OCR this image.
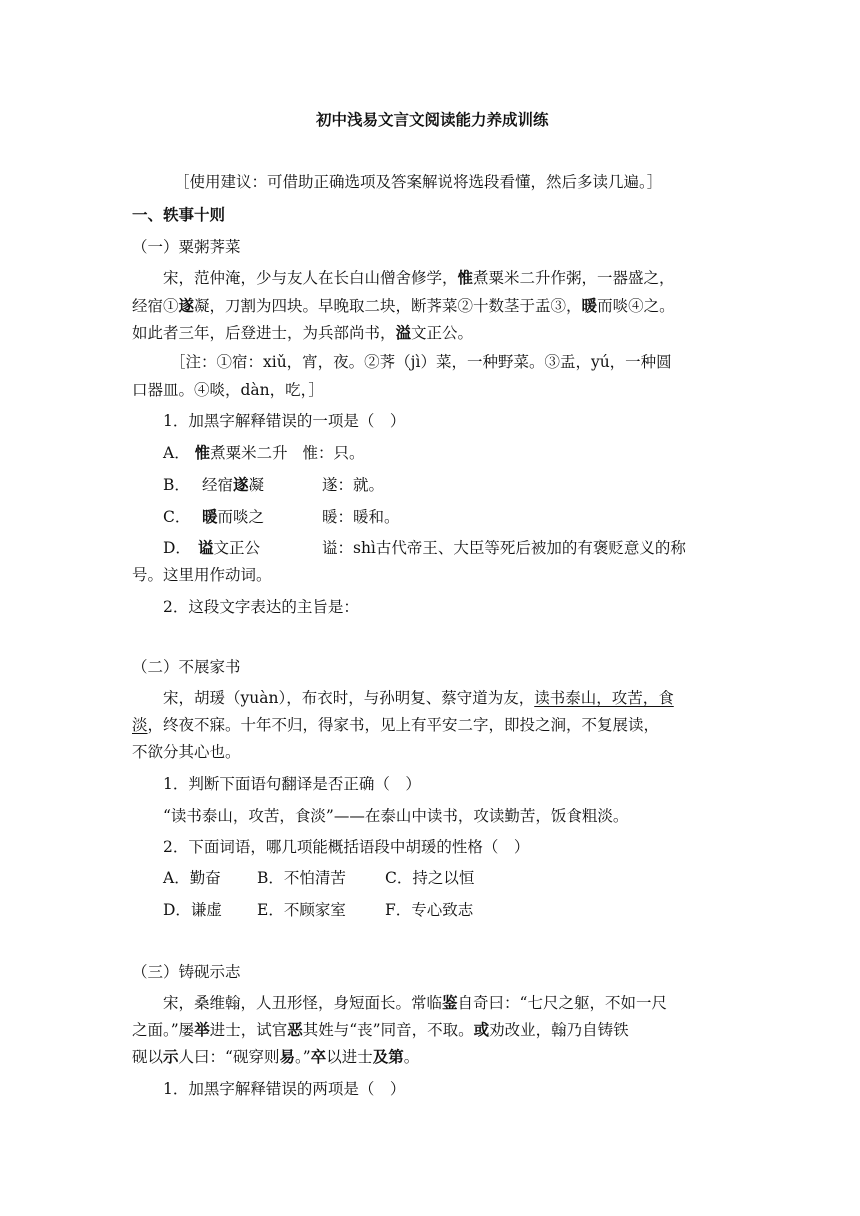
初中浅易文言文阅读能力养成训练
［使用建议：可借助正确选项及答案解说将选段看懂，然后多读几遍。］
一、轶事十则
（一）粟粥荠菜
宋，范仲淹，少与友人在长白山僧舍修学，惟煮粟米二升作粥，一器盛之，
经宿①遂凝，刀割为四块。早晚取二块，断荠菜②十数茎于盂③，暖而啖④之。
如此者三年，后登进士，为兵部尚书，溢文正公。
［注：①宿：xiǔ，宵，夜。②荠（jì）菜，一种野菜。③盂，yú，一种圆
口器皿。④啖，dàn，吃，］
1．加黑字解释错误的一项是（　）
A． 惟煮粟米二升 惟：只。
B． 经宿遂凝	遂：就。
C． 暖而啖之	暖：暖和。
D． 谥文正公	谥：shì古代帝王、大臣等死后被加的有褒贬意义的称
号。这里用作动词。
2．这段文字表达的主旨是：
（二）不展家书
宋，胡瑗（yuàn），布衣时，与孙明复、蔡守道为友，读书泰山，攻苦，食
淡，终夜不寐。十年不归，得家书，见上有平安二字，即投之涧，不复展读，
不欲分其心也。
1．判断下面语句翻译是否正确（　）
“读书泰山，攻苦，食淡”——在泰山中读书，攻读勤苦，饭食粗淡。
2．下面词语，哪几项能概括语段中胡瑗的性格（　）
A．勤奋 B．不怕清苦	C．持之以恒
D．谦虚 E．不顾家室	F．专心致志
（三）铸砚示志
宋，桑维翰，人丑形怪，身短面长。常临鉴自奇曰：“七尺之躯，不如一尺
之面。”屡举进士，试官恶其姓与“丧”同音，不取。或劝改业，翰乃自铸铁
砚以示人曰：“砚穿则易。”卒以进士及第。
1．加黑字解释错误的两项是（　）
